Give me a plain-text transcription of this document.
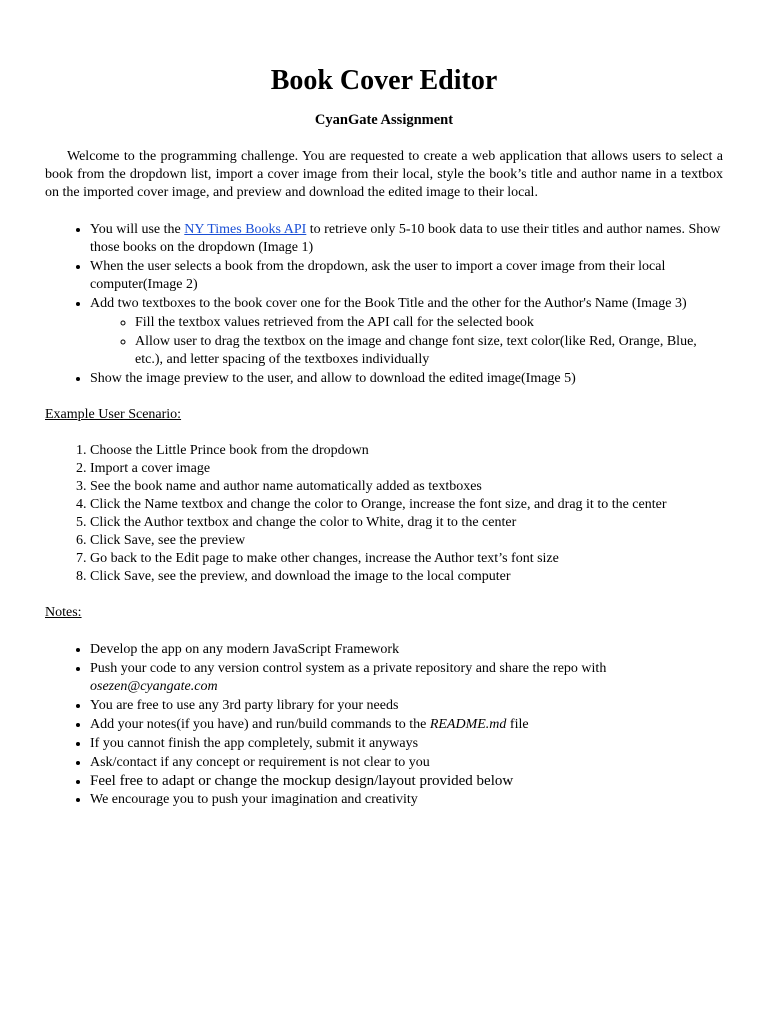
Book Cover Editor
CyanGate Assignment

Welcome to the programming challenge. You are requested to create a web application that allows users to select a book from the dropdown list, import a cover image from their local, style the book’s title and author name in a textbox on the imported cover image, and preview and download the edited image to their local.

• You will use the NY Times Books API to retrieve only 5-10 book data to use their titles and author names. Show those books on the dropdown (Image 1)
• When the user selects a book from the dropdown, ask the user to import a cover image from their local computer(Image 2)
• Add two textboxes to the book cover one for the Book Title and the other for the Author's Name (Image 3)
◦ Fill the textbox values retrieved from the API call for the selected book
◦ Allow user to drag the textbox on the image and change font size, text color(like Red, Orange, Blue, etc.), and letter spacing of the textboxes individually
• Show the image preview to the user, and allow to download the edited image(Image 5)

Example User Scenario:

1. Choose the Little Prince book from the dropdown
2. Import a cover image
3. See the book name and author name automatically added as textboxes
4. Click the Name textbox and change the color to Orange, increase the font size, and drag it to the center
5. Click the Author textbox and change the color to White, drag it to the center
6. Click Save, see the preview
7. Go back to the Edit page to make other changes, increase the Author text’s font size
8. Click Save, see the preview, and download the image to the local computer

Notes:

• Develop the app on any modern JavaScript Framework
• Push your code to any version control system as a private repository and share the repo with osezen@cyangate.com
• You are free to use any 3rd party library for your needs
• Add your notes(if you have) and run/build commands to the README.md file
• If you cannot finish the app completely, submit it anyways
• Ask/contact if any concept or requirement is not clear to you
• Feel free to adapt or change the mockup design/layout provided below
• We encourage you to push your imagination and creativity
